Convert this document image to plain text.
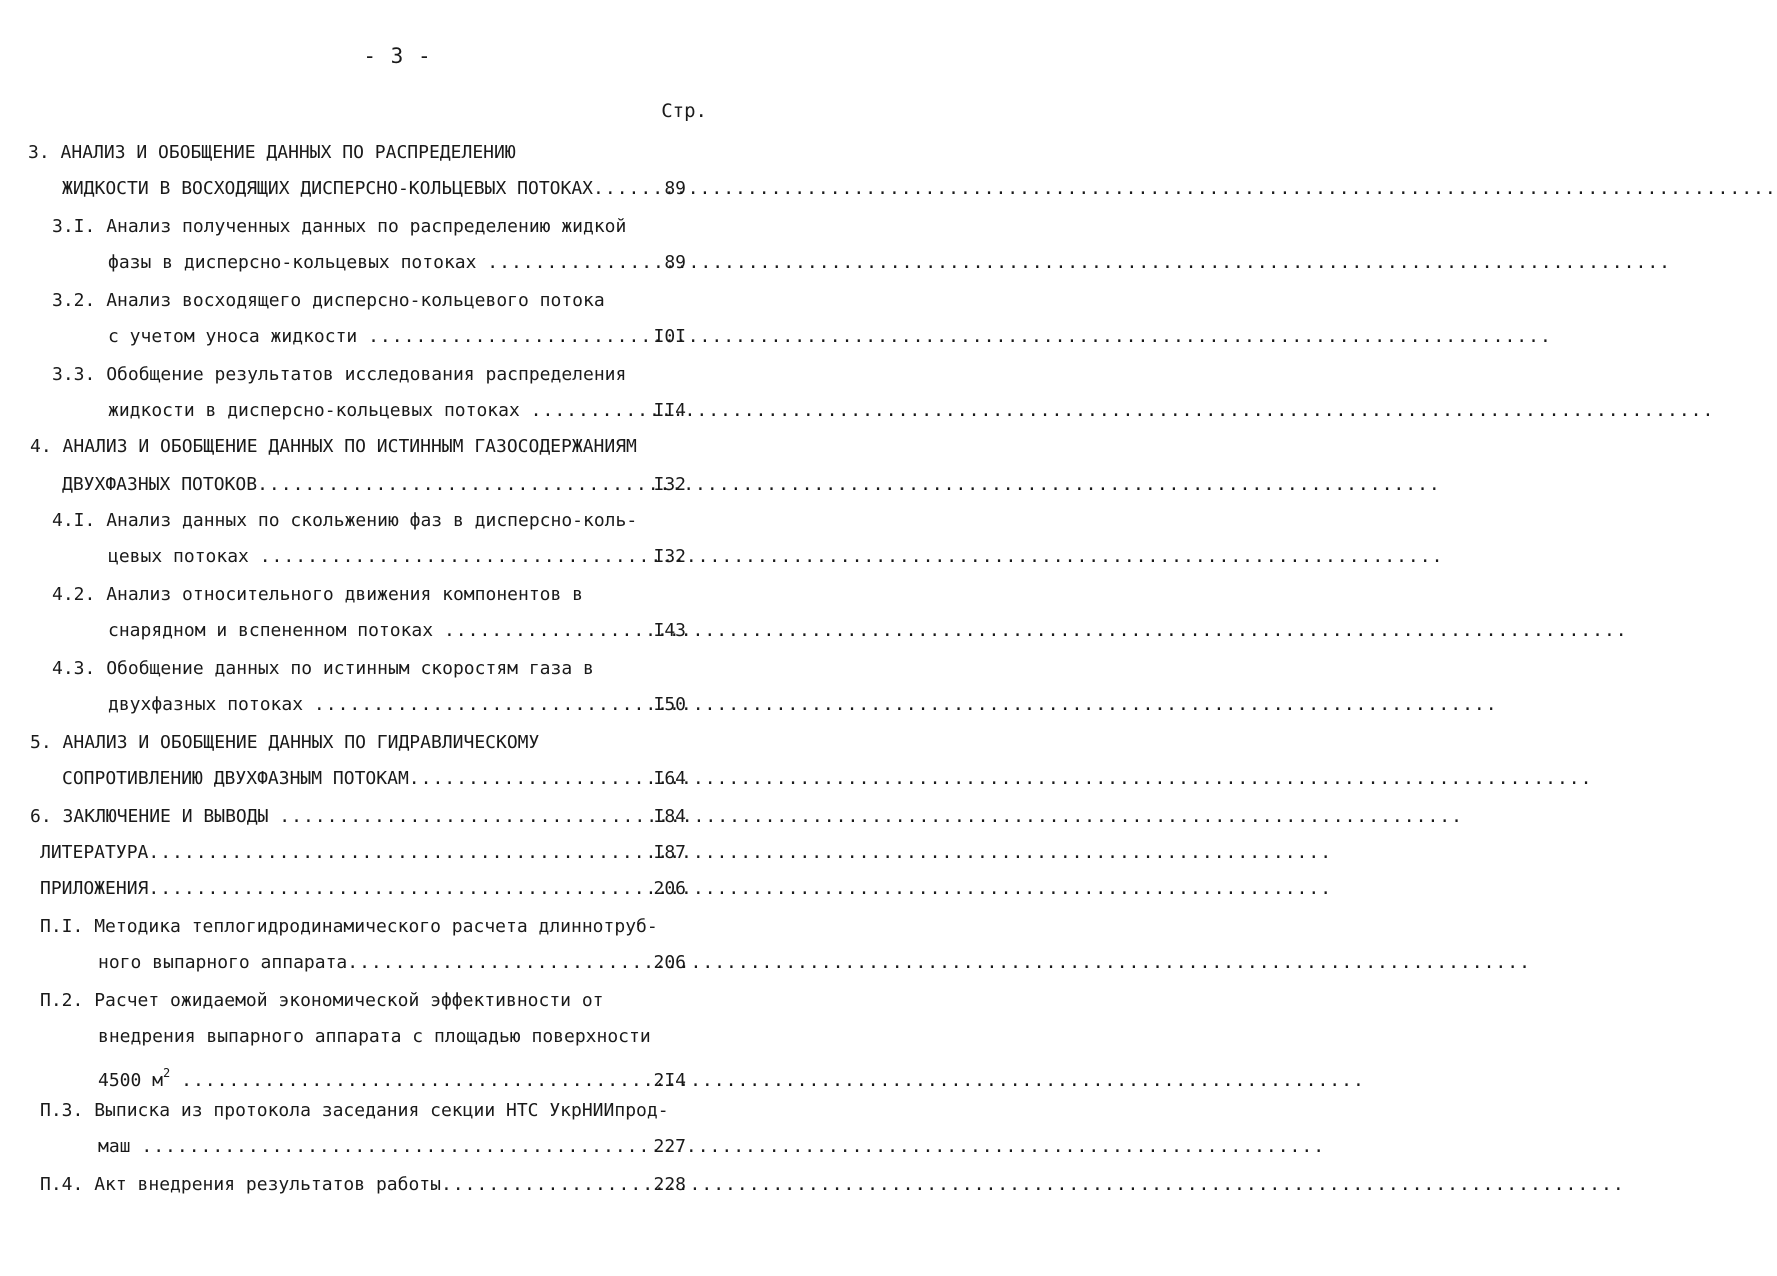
- 3 -
Стр.
3. АНАЛИЗ И ОБОБЩЕНИЕ ДАННЫХ ПО РАСПРЕДЕЛЕНИЮ
ЖИДКОСТИ В ВОСХОДЯЩИХ ДИСПЕРСНО-КОЛЬЦЕВЫХ ПОТОКАХ .....	89
3.I. Анализ полученных данных по распределению жидкой
фазы в дисперсно-кольцевых потоках .....	89
3.2. Анализ восходящего дисперсно-кольцевого потока
с учетом уноса жидкости .....	I0I
3.3. Обобщение результатов исследования распределения
жидкости в дисперсно-кольцевых потоках .....	II4
4. АНАЛИЗ И ОБОБЩЕНИЕ ДАННЫХ ПО ИСТИННЫМ ГАЗОСОДЕРЖАНИЯМ
ДВУХФАЗНЫХ ПОТОКОВ .....	I32
4.I. Анализ данных по скольжению фаз в дисперсно-коль-
цевых потоках .....	I32
4.2. Анализ относительного движения компонентов в
снарядном и вспененном потоках .....	I43
4.3. Обобщение данных по истинным скоростям газа в
двухфазных потоках .....	I50
5. АНАЛИЗ И ОБОБЩЕНИЕ ДАННЫХ ПО ГИДРАВЛИЧЕСКОМУ
СОПРОТИВЛЕНИЮ ДВУХФАЗНЫМ ПОТОКАМ .....	I64
6. ЗАКЛЮЧЕНИЕ И ВЫВОДЫ .....	I84
ЛИТЕРАТУРА .....	I87
ПРИЛОЖЕНИЯ .....	206
П.I. Методика теплогидродинамического расчета длиннотруб-
ного выпарного аппарата .....	206
П.2. Расчет ожидаемой экономической эффективности от
внедрения выпарного аппарата с площадью поверхности
4500 $м^2$ .....	2I4
П.3. Выписка из протокола заседания секции НТС УкрНИИпрод-
маш .....	227
П.4. Акт внедрения результатов работы .....	228
